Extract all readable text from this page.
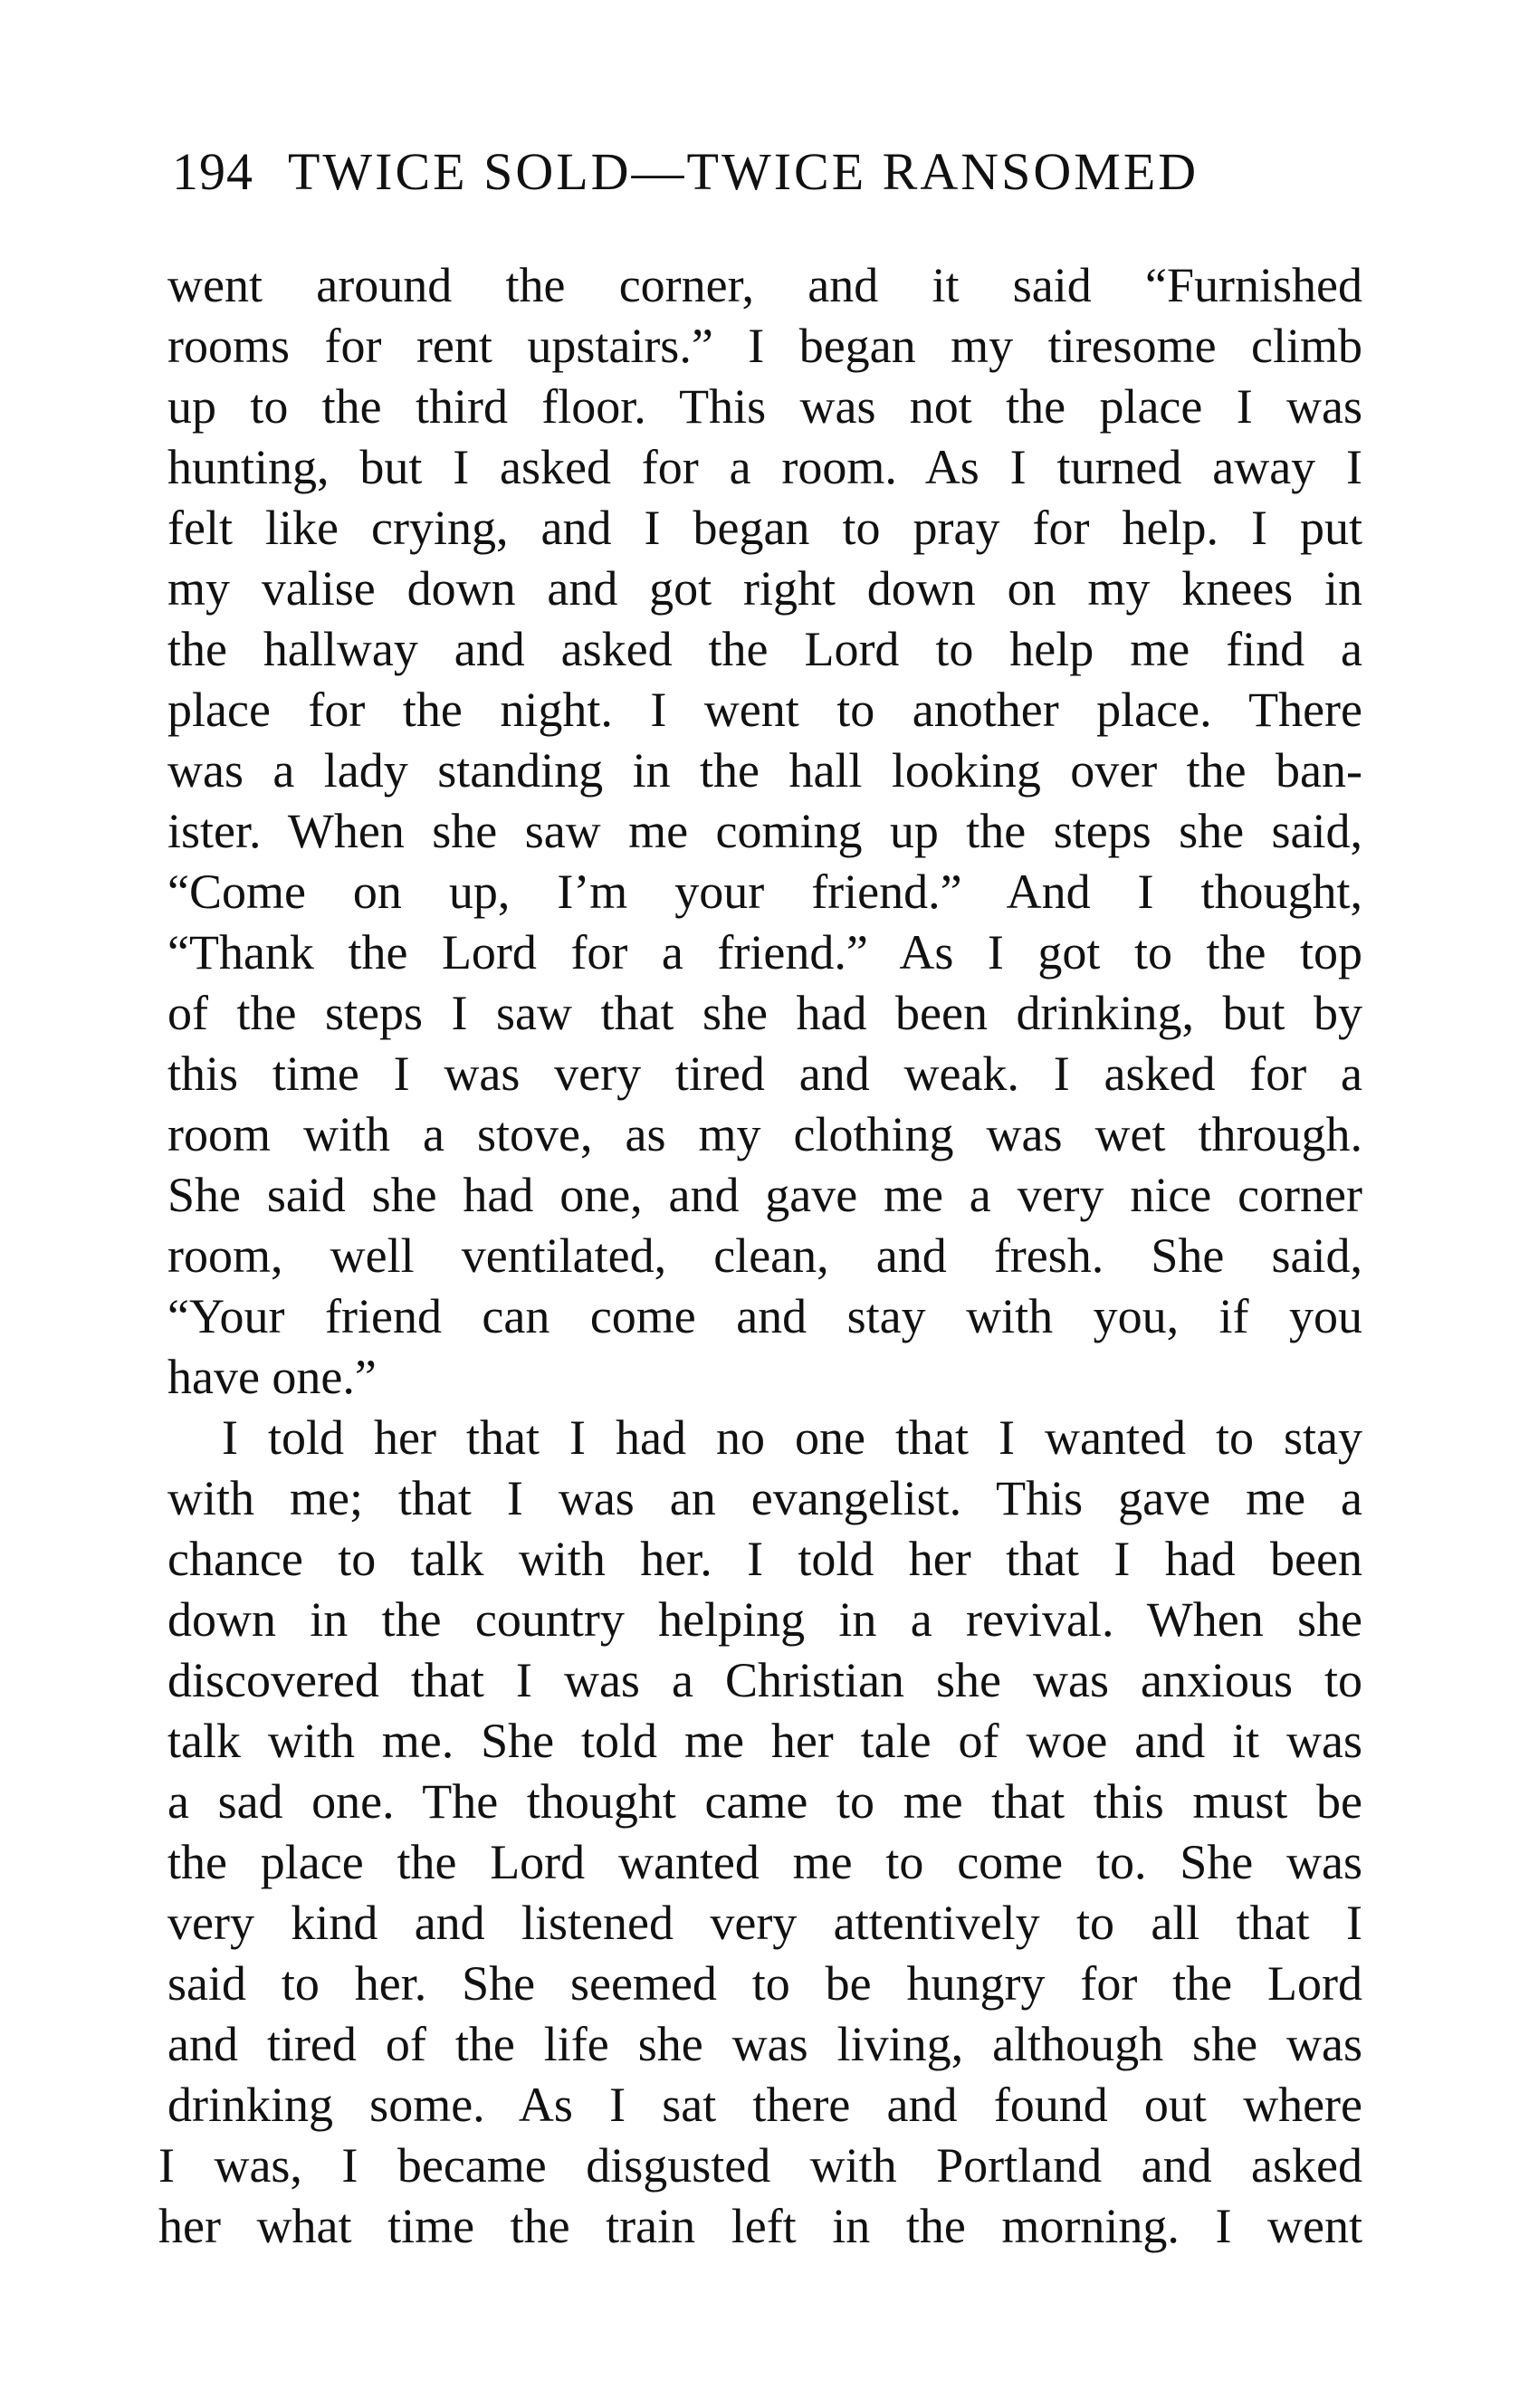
194 TWICE SOLD—TWICE RANSOMED
went around the corner, and it said “Furnished
rooms for rent upstairs.” I began my tiresome climb
up to the third floor. This was not the place I was
hunting, but I asked for a room. As I turned away I
felt like crying, and I began to pray for help. I put
my valise down and got right down on my knees in
the hallway and asked the Lord to help me find a
place for the night. I went to another place. There
was a lady standing in the hall looking over the ban-
ister. When she saw me coming up the steps she said,
“Come on up, I’m your friend.” And I thought,
“Thank the Lord for a friend.” As I got to the top
of the steps I saw that she had been drinking, but by
this time I was very tired and weak. I asked for a
room with a stove, as my clothing was wet through.
She said she had one, and gave me a very nice corner
room, well ventilated, clean, and fresh. She said,
“Your friend can come and stay with you, if you
have one.”
I told her that I had no one that I wanted to stay
with me; that I was an evangelist. This gave me a
chance to talk with her. I told her that I had been
down in the country helping in a revival. When she
discovered that I was a Christian she was anxious to
talk with me. She told me her tale of woe and it was
a sad one. The thought came to me that this must be
the place the Lord wanted me to come to. She was
very kind and listened very attentively to all that I
said to her. She seemed to be hungry for the Lord
and tired of the life she was living, although she was
drinking some. As I sat there and found out where
I was, I became disgusted with Portland and asked
her what time the train left in the morning. I went
